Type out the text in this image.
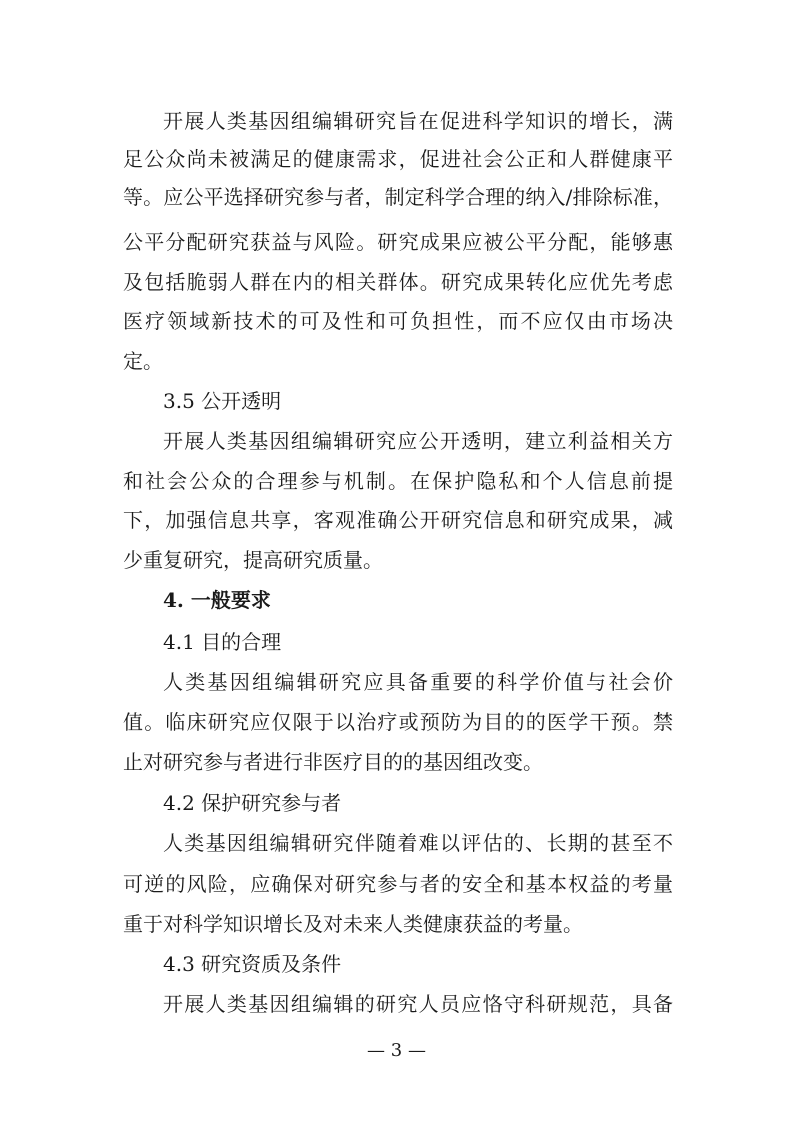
开展人类基因组编辑研究旨在促进科学知识的增长，满
足公众尚未被满足的健康需求，促进社会公正和人群健康平
等。应公平选择研究参与者，制定科学合理的纳入/排除标准，
公平分配研究获益与风险。研究成果应被公平分配，能够惠
及包括脆弱人群在内的相关群体。研究成果转化应优先考虑
医疗领域新技术的可及性和可负担性，而不应仅由市场决
定。
3.5 公开透明
开展人类基因组编辑研究应公开透明，建立利益相关方
和社会公众的合理参与机制。在保护隐私和个人信息前提
下，加强信息共享，客观准确公开研究信息和研究成果，减
少重复研究，提高研究质量。
4. 一般要求
4.1 目的合理
人类基因组编辑研究应具备重要的科学价值与社会价
值。临床研究应仅限于以治疗或预防为目的的医学干预。禁
止对研究参与者进行非医疗目的的基因组改变。
4.2 保护研究参与者
人类基因组编辑研究伴随着难以评估的、长期的甚至不
可逆的风险，应确保对研究参与者的安全和基本权益的考量
重于对科学知识增长及对未来人类健康获益的考量。
4.3 研究资质及条件
开展人类基因组编辑的研究人员应恪守科研规范，具备
— 3 —
